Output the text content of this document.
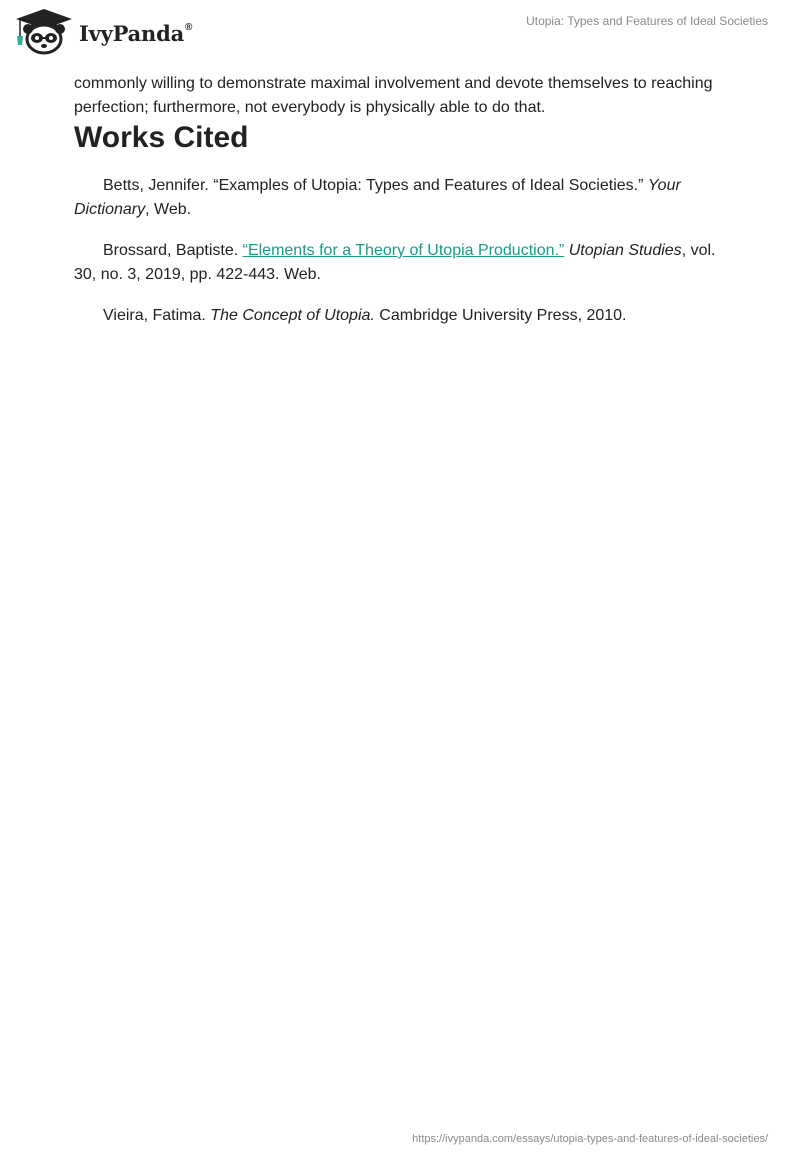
IvyPanda®	Utopia: Types and Features of Ideal Societies

commonly willing to demonstrate maximal involvement and devote themselves to reaching perfection; furthermore, not everybody is physically able to do that.

Works Cited

Betts, Jennifer. “Examples of Utopia: Types and Features of Ideal Societies.” Your Dictionary, Web.

Brossard, Baptiste. “Elements for a Theory of Utopia Production.” Utopian Studies, vol. 30, no. 3, 2019, pp. 422-443. Web.

Vieira, Fatima. The Concept of Utopia. Cambridge University Press, 2010.

https://ivypanda.com/essays/utopia-types-and-features-of-ideal-societies/
